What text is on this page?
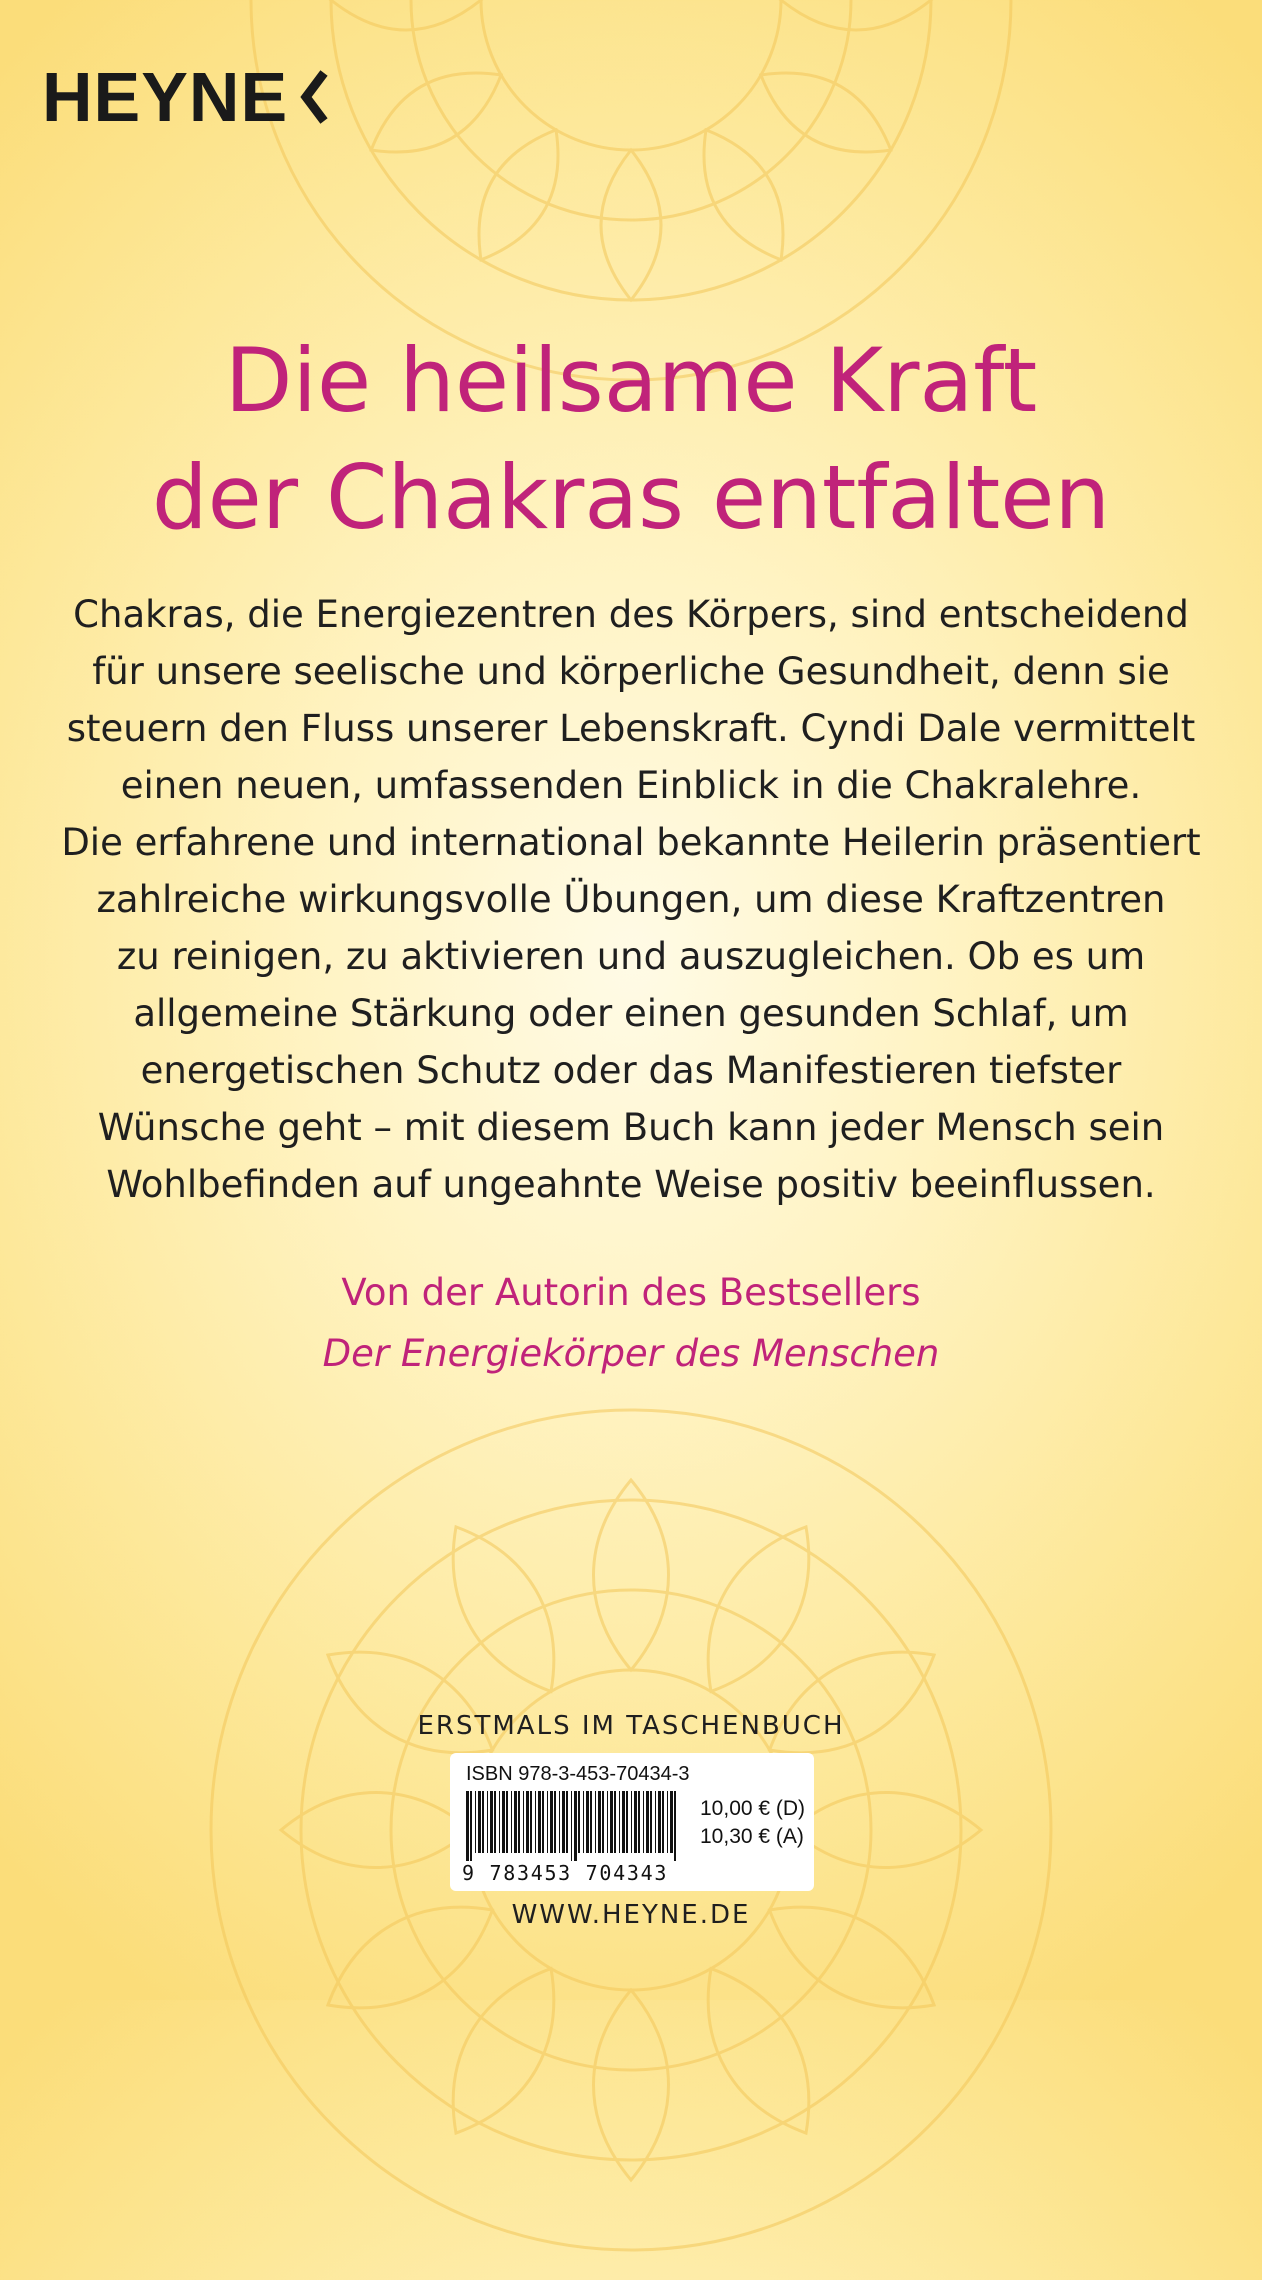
HEYNE
Die heilsame Kraft
der Chakras entfalten
Chakras, die Energiezentren des Körpers, sind entscheidend
für unsere seelische und körperliche Gesundheit, denn sie
steuern den Fluss unserer Lebenskraft. Cyndi Dale vermittelt
einen neuen, umfassenden Einblick in die Chakralehre.
Die erfahrene und international bekannte Heilerin präsentiert
zahlreiche wirkungsvolle Übungen, um diese Kraftzentren
zu reinigen, zu aktivieren und auszugleichen. Ob es um
allgemeine Stärkung oder einen gesunden Schlaf, um
energetischen Schutz oder das Manifestieren tiefster
Wünsche geht – mit diesem Buch kann jeder Mensch sein
Wohlbefinden auf ungeahnte Weise positiv beeinflussen.
Von der Autorin des Bestsellers
Der Energiekörper des Menschen
ERSTMALS IM TASCHENBUCH
ISBN 978-3-453-70434-3
9 783453 704343
10,00 € (D)
10,30 € (A)
WWW.HEYNE.DE
